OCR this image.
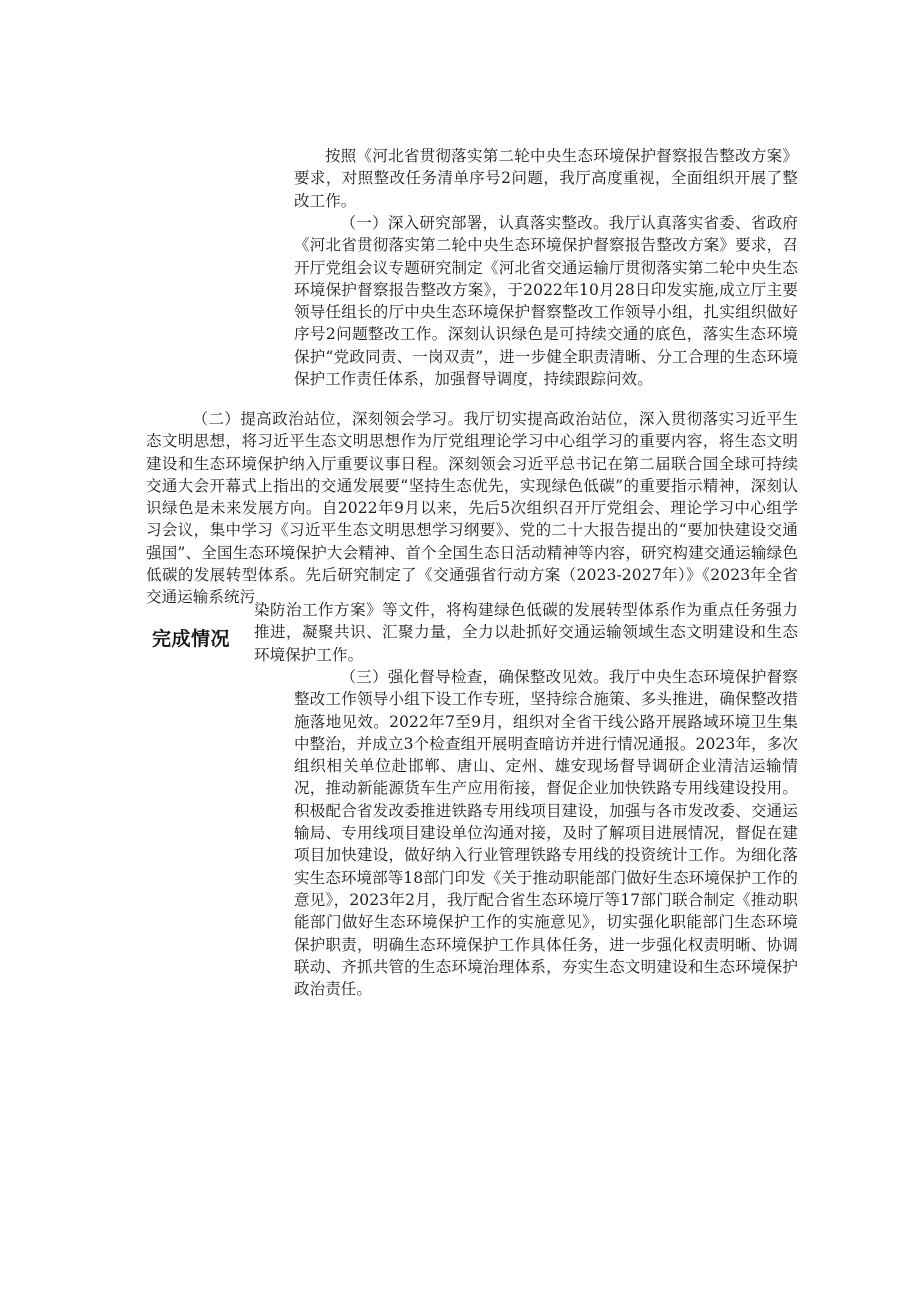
按照《河北省贯彻落实第二轮中央生态环境保护督察报告整改方案》要求，对照整改任务清单序号2问题，我厅高度重视，全面组织开展了整改工作。

（一）深入研究部署，认真落实整改。我厅认真落实省委、省政府《河北省贯彻落实第二轮中央生态环境保护督察报告整改方案》要求，召开厅党组会议专题研究制定《河北省交通运输厅贯彻落实第二轮中央生态环境保护督察报告整改方案》，于2022年10月28日印发实施,成立厅主要领导任组长的厅中央生态环境保护督察整改工作领导小组，扎实组织做好序号2问题整改工作。深刻认识绿色是可持续交通的底色，落实生态环境保护“党政同责、一岗双责”，进一步健全职责清晰、分工合理的生态环境保护工作责任体系，加强督导调度，持续跟踪问效。

（二）提高政治站位，深刻领会学习。我厅切实提高政治站位，深入贯彻落实习近平生态文明思想，将习近平生态文明思想作为厅党组理论学习中心组学习的重要内容，将生态文明建设和生态环境保护纳入厅重要议事日程。深刻领会习近平总书记在第二届联合国全球可持续交通大会开幕式上指出的交通发展要“坚持生态优先，实现绿色低碳”的重要指示精神，深刻认识绿色是未来发展方向。自2022年9月以来，先后5次组织召开厅党组会、理论学习中心组学习会议，集中学习《习近平生态文明思想学习纲要》、党的二十大报告提出的“要加快建设交通强国”、全国生态环境保护大会精神、首个全国生态日活动精神等内容，研究构建交通运输绿色低碳的发展转型体系。先后研究制定了《交通强省行动方案（2023-2027年）》《2023年全省交通运输系统污

染防治工作方案》等文件，将构建绿色低碳的发展转型体系作为重点任务强力推进，凝聚共识、汇聚力量，全力以赴抓好交通运输领域生态文明建设和生态环境保护工作。

完成情况

（三）强化督导检查，确保整改见效。我厅中央生态环境保护督察整改工作领导小组下设工作专班，坚持综合施策、多头推进，确保整改措施落地见效。2022年7至9月，组织对全省干线公路开展路域环境卫生集中整治，并成立3个检查组开展明查暗访并进行情况通报。2023年，多次组织相关单位赴邯郸、唐山、定州、雄安现场督导调研企业清洁运输情况，推动新能源货车生产应用衔接，督促企业加快铁路专用线建设投用。积极配合省发改委推进铁路专用线项目建设，加强与各市发改委、交通运输局、专用线项目建设单位沟通对接，及时了解项目进展情况，督促在建项目加快建设，做好纳入行业管理铁路专用线的投资统计工作。为细化落实生态环境部等18部门印发《关于推动职能部门做好生态环境保护工作的意见》，2023年2月，我厅配合省生态环境厅等17部门联合制定《推动职能部门做好生态环境保护工作的实施意见》，切实强化职能部门生态环境保护职责，明确生态环境保护工作具体任务，进一步强化权责明晰、协调联动、齐抓共管的生态环境治理体系，夯实生态文明建设和生态环境保护政治责任。
